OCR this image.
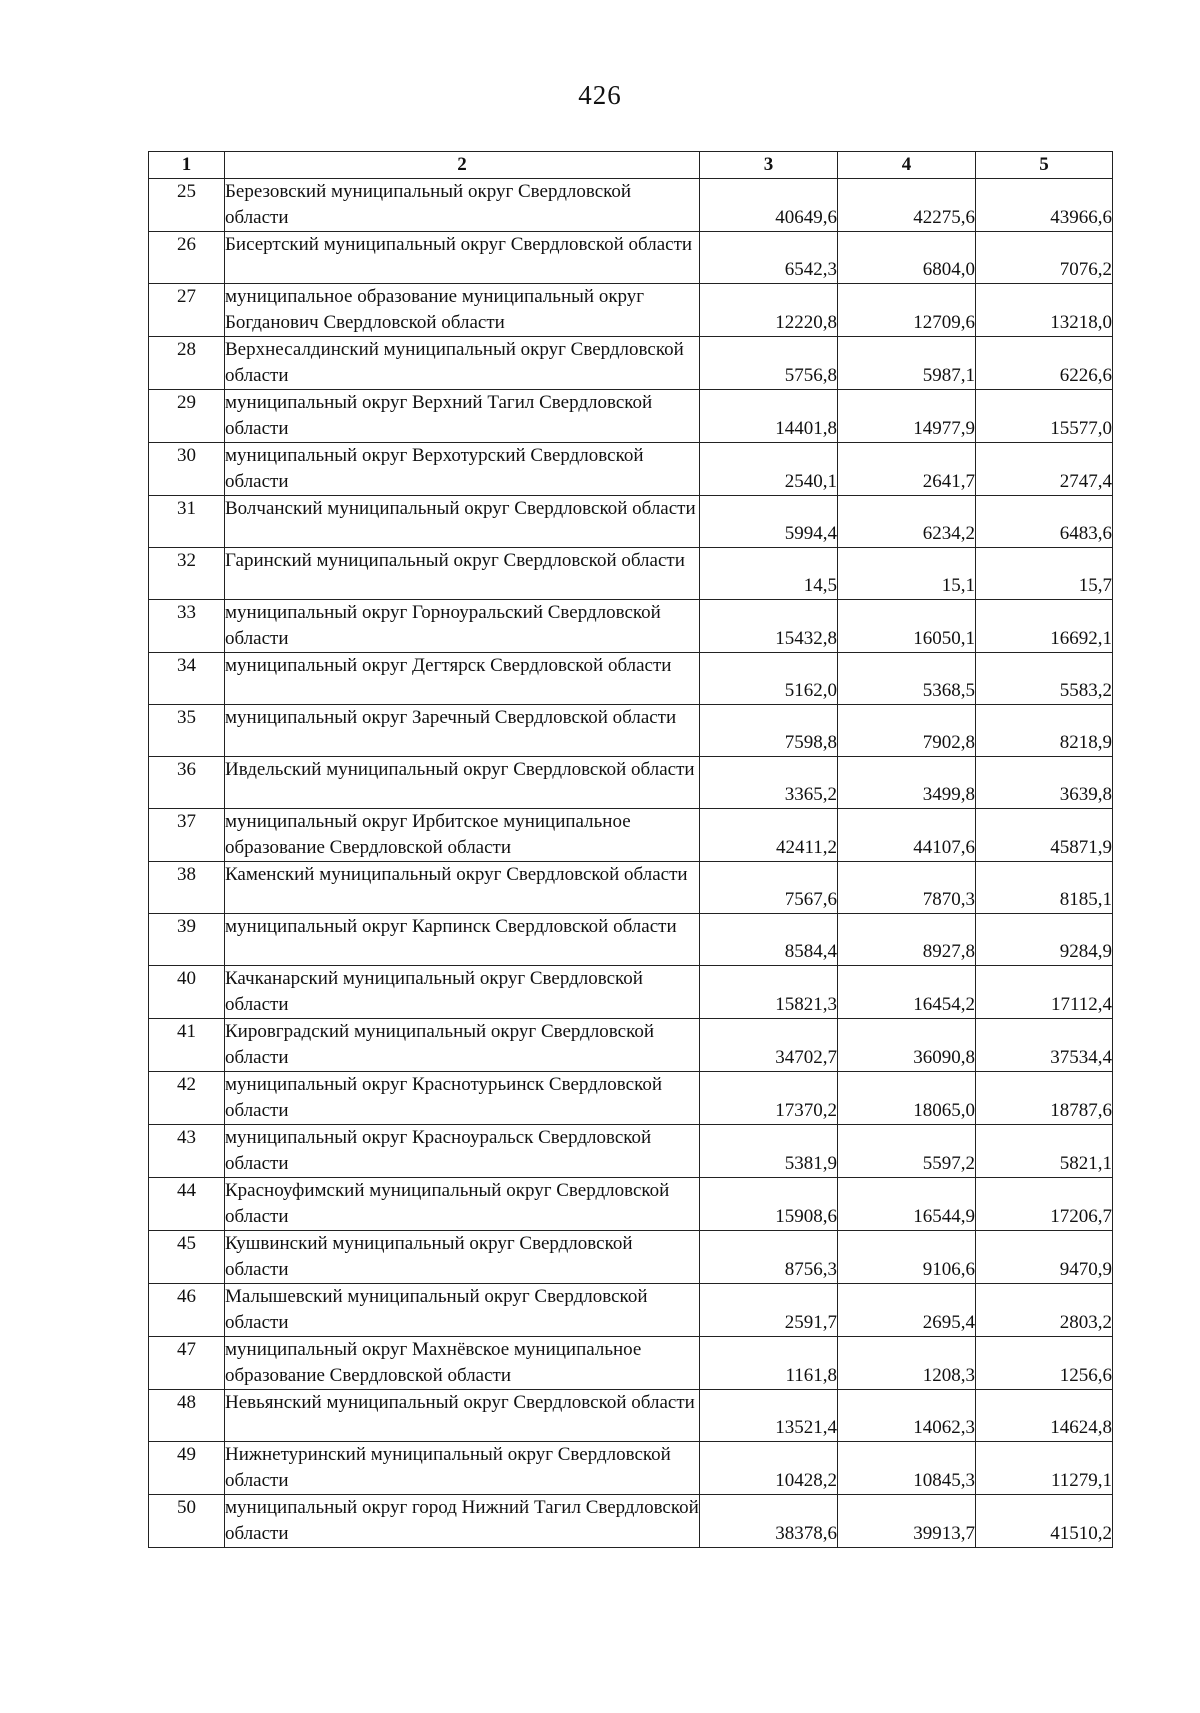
426
1	2	3	4	5
25	Березовский муниципальный округ Свердловской области	40649,6	42275,6	43966,6
26	Бисертский муниципальный округ Свердловской области	6542,3	6804,0	7076,2
27	муниципальное образование муниципальный округ Богданович Свердловской области	12220,8	12709,6	13218,0
28	Верхнесалдинский муниципальный округ Свердловской области	5756,8	5987,1	6226,6
29	муниципальный округ Верхний Тагил Свердловской области	14401,8	14977,9	15577,0
30	муниципальный округ Верхотурский Свердловской области	2540,1	2641,7	2747,4
31	Волчанский муниципальный округ Свердловской области	5994,4	6234,2	6483,6
32	Гаринский муниципальный округ Свердловской области	14,5	15,1	15,7
33	муниципальный округ Горноуральский Свердловской области	15432,8	16050,1	16692,1
34	муниципальный округ Дегтярск Свердловской области	5162,0	5368,5	5583,2
35	муниципальный округ Заречный Свердловской области	7598,8	7902,8	8218,9
36	Ивдельский муниципальный округ Свердловской области	3365,2	3499,8	3639,8
37	муниципальный округ Ирбитское муниципальное образование Свердловской области	42411,2	44107,6	45871,9
38	Каменский муниципальный округ Свердловской области	7567,6	7870,3	8185,1
39	муниципальный округ Карпинск Свердловской области	8584,4	8927,8	9284,9
40	Качканарский муниципальный округ Свердловской области	15821,3	16454,2	17112,4
41	Кировградский муниципальный округ Свердловской области	34702,7	36090,8	37534,4
42	муниципальный округ Краснотурьинск Свердловской области	17370,2	18065,0	18787,6
43	муниципальный округ Красноуральск Свердловской области	5381,9	5597,2	5821,1
44	Красноуфимский муниципальный округ Свердловской области	15908,6	16544,9	17206,7
45	Кушвинский муниципальный округ Свердловской области	8756,3	9106,6	9470,9
46	Малышевский муниципальный округ Свердловской области	2591,7	2695,4	2803,2
47	муниципальный округ Махнёвское муниципальное образование Свердловской области	1161,8	1208,3	1256,6
48	Невьянский муниципальный округ Свердловской области	13521,4	14062,3	14624,8
49	Нижнетуринский муниципальный округ Свердловской области	10428,2	10845,3	11279,1
50	муниципальный округ город Нижний Тагил Свердловской области	38378,6	39913,7	41510,2
